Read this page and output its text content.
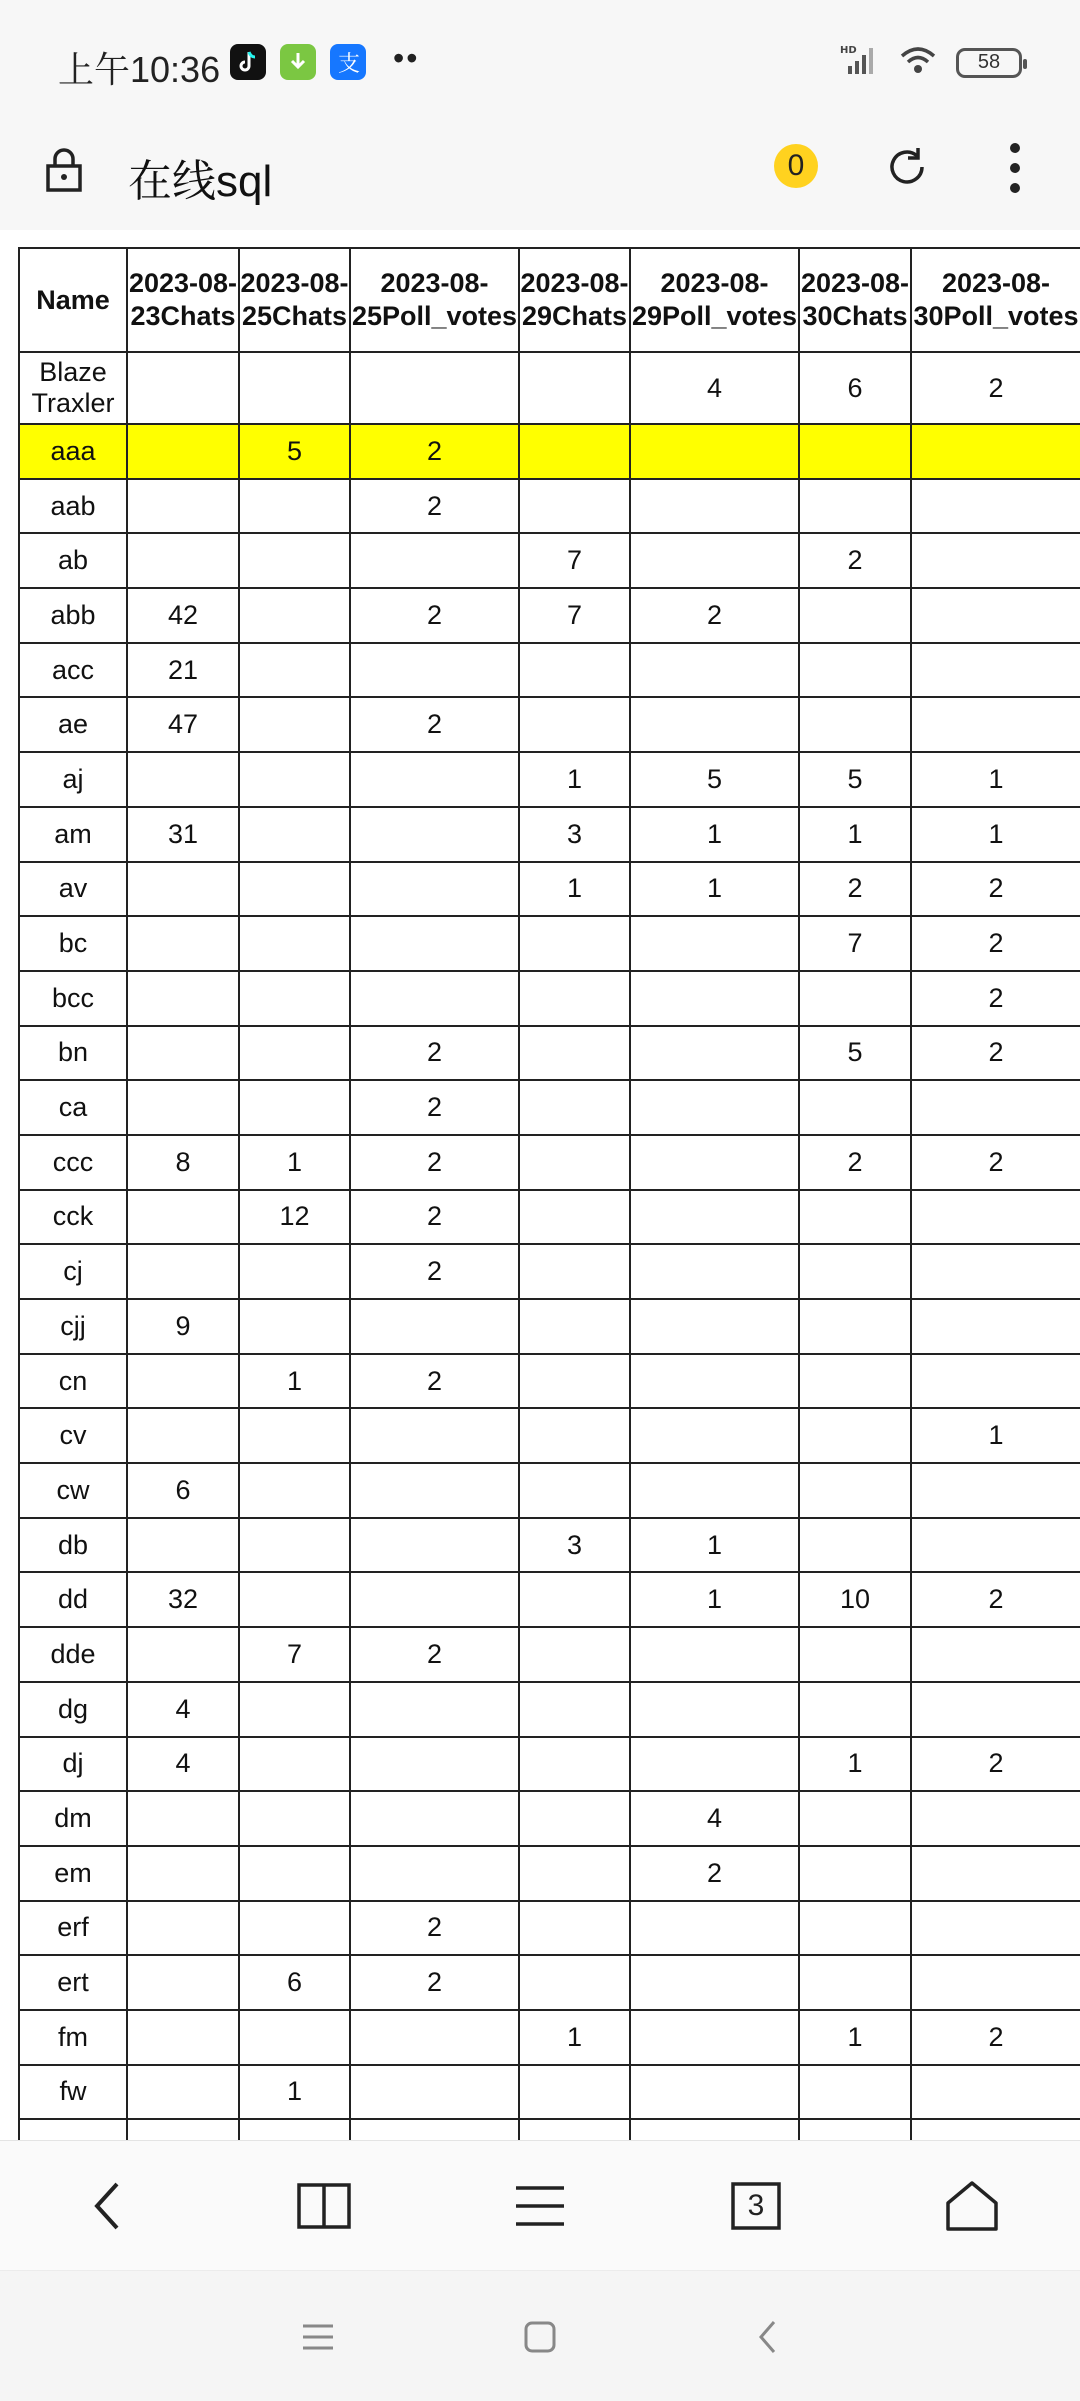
上午10:36	支 ••	HD
58
在线sql	0
Name	2023-08-23Chats	2023-08-25Chats	2023-08-25Poll_votes	2023-08-29Chats	2023-08-29Poll_votes	2023-08-30Chats	2023-08-30Poll_votes
Blaze Traxler					4	6	2
aaa		5	2				
aab			2				
ab				7		2	
abb	42		2	7	2		
acc	21						
ae	47		2				
aj				1	5	5	1
am	31			3	1	1	1
av				1	1	2	2
bc						7	2
bcc							2
bn			2			5	2
ca			2				
ccc	8	1	2			2	2
cck		12	2				
cj			2				
cjj	9						
cn		1	2				
cv							1
cw	6						
db				3	1		
dd	32				1	10	2
dde		7	2				
dg	4						
dj	4					1	2
dm					4		
em					2		
erf			2				
ert		6	2				
fm				1		1	2
fw		1					

3
